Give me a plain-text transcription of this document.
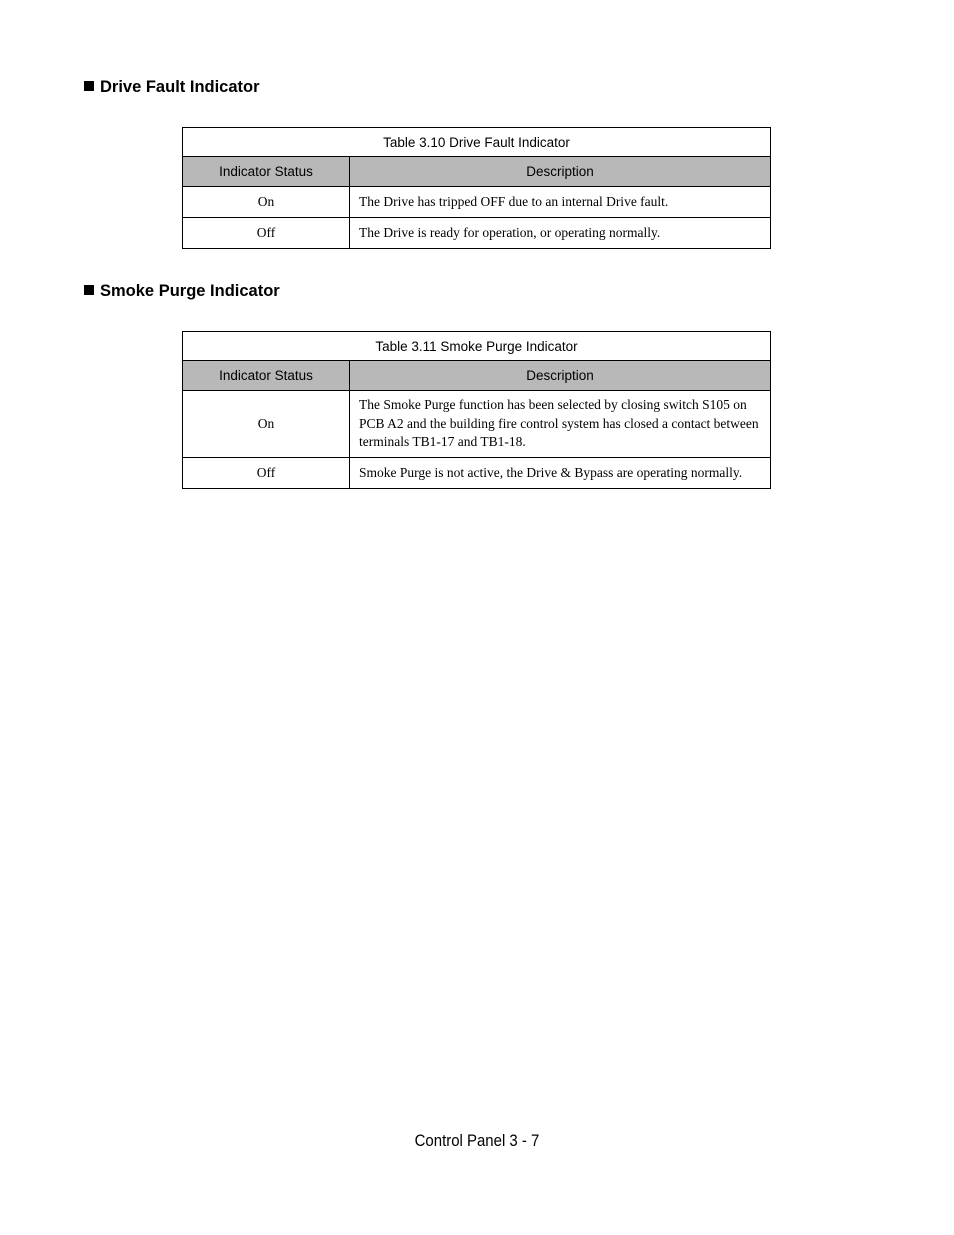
Drive Fault Indicator
Table 3.10 Drive Fault Indicator	
Indicator Status	Description
On	The Drive has tripped OFF due to an internal Drive fault.
Off	The Drive is ready for operation, or operating normally.
Smoke Purge Indicator
Table 3.11 Smoke Purge Indicator	
Indicator Status	Description
On	The Smoke Purge function has been selected by closing switch S105 on PCB A2 and the building fire control system has closed a contact between terminals TB1-17 and TB1-18.
Off	Smoke Purge is not active, the Drive & Bypass are operating normally.
Control Panel 3 - 7
